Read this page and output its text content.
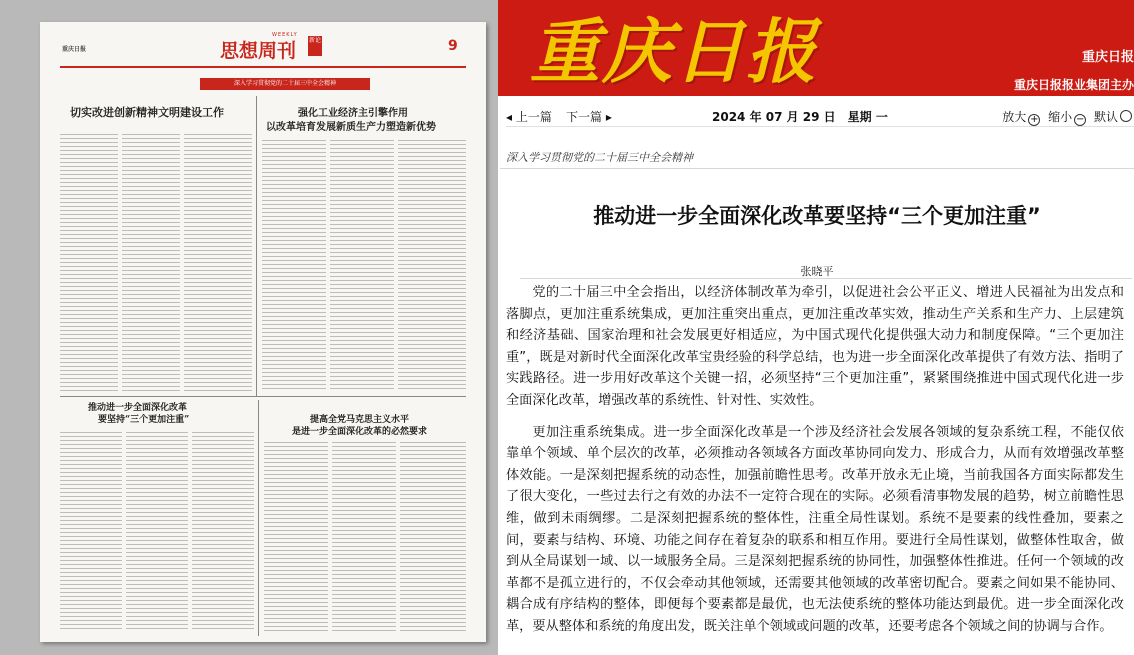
重庆日报	重庆日报
重庆日报报业集团主办
重庆日报
WEEKLY
思想周刊 新论	9
深入学习贯彻党的二十届三中全会精神
切实改进创新精神文明建设工作	强化工业经济主引擎作用
以改革培育发展新质生产力塑造新优势
推动进一步全面深化改革
要坚持“三个更加注重”	提高全党马克思主义水平
是进一步全面深化改革的必然要求
◂ 上一篇 下一篇 ▸	2024 年 07 月 29 日　星期 一	放大 + 缩小 − 默认
深入学习贯彻党的二十届三中全会精神
推动进一步全面深化改革要坚持“三个更加注重”
张晓平

党的二十届三中全会指出，以经济体制改革为牵引，以促进社会公平正义、增进人民福祉为出发点和落脚点，更加注重系统集成，更加注重突出重点，更加注重改革实效，推动生产关系和生产力、上层建筑和经济基础、国家治理和社会发展更好相适应，为中国式现代化提供强大动力和制度保障。“三个更加注重”，既是对新时代全面深化改革宝贵经验的科学总结，也为进一步全面深化改革提供了有效方法、指明了实践路径。进一步用好改革这个关键一招，必须坚持“三个更加注重”，紧紧围绕推进中国式现代化进一步全面深化改革，增强改革的系统性、针对性、实效性。

更加注重系统集成。进一步全面深化改革是一个涉及经济社会发展各领域的复杂系统工程，不能仅依靠单个领域、单个层次的改革，必须推动各领域各方面改革协同向发力、形成合力，从而有效增强改革整体效能。一是深刻把握系统的动态性，加强前瞻性思考。改革开放永无止境，当前我国各方面实际都发生了很大变化，一些过去行之有效的办法不一定符合现在的实际。必须看清事物发展的趋势，树立前瞻性思维，做到未雨绸缪。二是深刻把握系统的整体性，注重全局性谋划。系统不是要素的线性叠加，要素之间，要素与结构、环境、功能之间存在着复杂的联系和相互作用。要进行全局性谋划，做整体性取舍，做到从全局谋划一域、以一域服务全局。三是深刻把握系统的协同性，加强整体性推进。任何一个领域的改革都不是孤立进行的，不仅会牵动其他领域，还需要其他领域的改革密切配合。要素之间如果不能协同、耦合成有序结构的整体，即便每个要素都是最优，也无法使系统的整体功能达到最优。进一步全面深化改革，要从整体和系统的角度出发，既关注单个领域或问题的改革，还要考虑各个领域之间的协调与合作。
